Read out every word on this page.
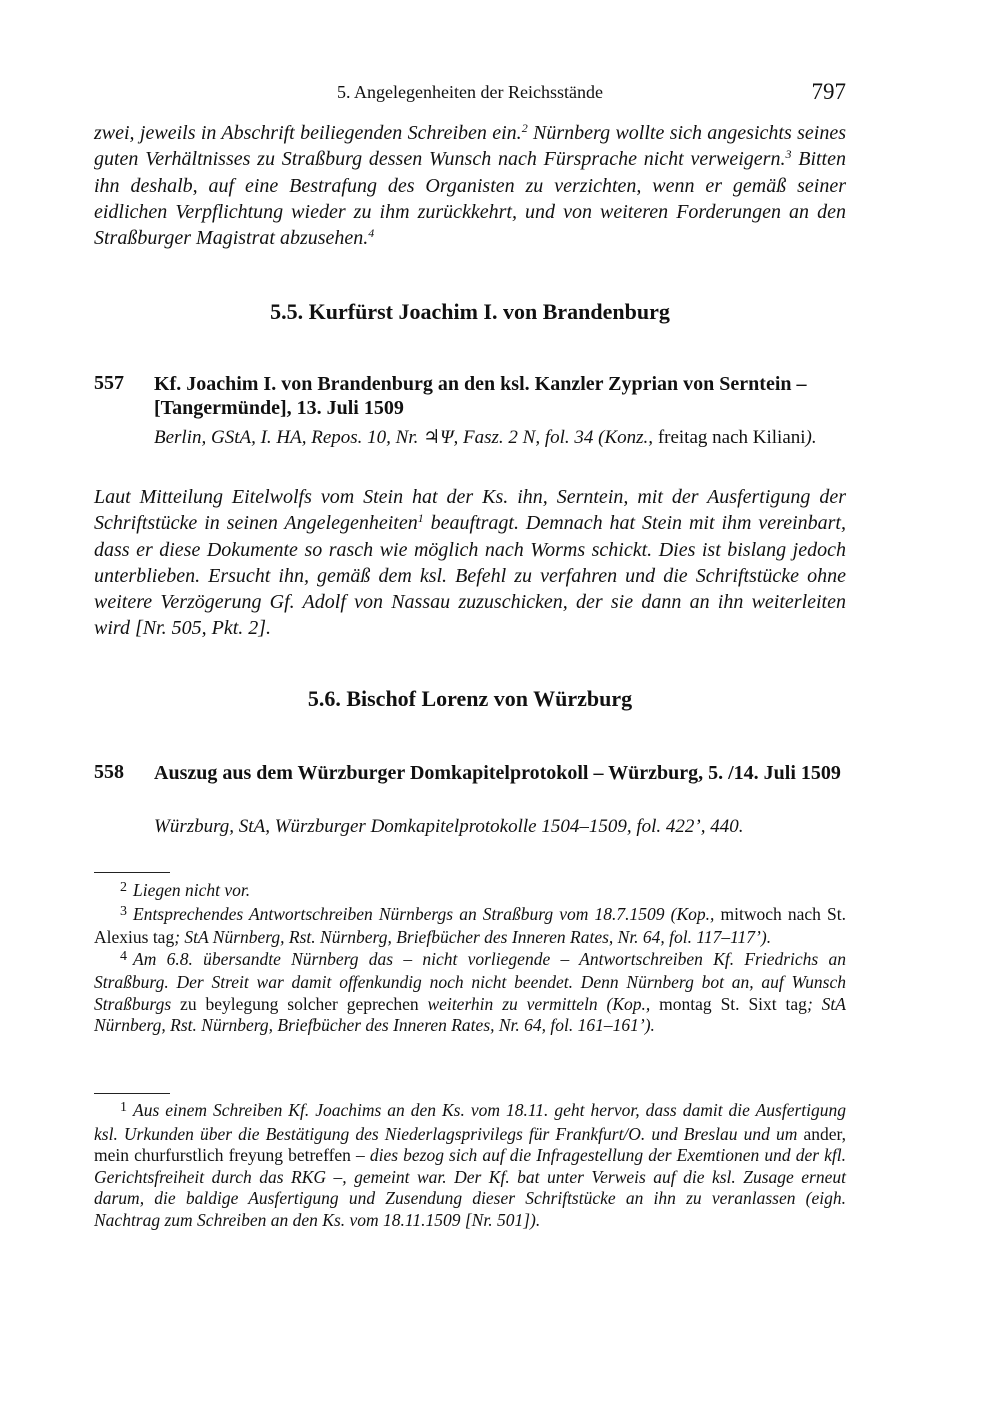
5. Angelegenheiten der Reichsstände	797
zwei, jeweils in Abschrift beiliegenden Schreiben ein.$^2$ Nürnberg wollte sich angesichts seines guten Verhältnisses zu Straßburg dessen Wunsch nach Fürsprache nicht verweigern.$^3$ Bitten ihn deshalb, auf eine Bestrafung des Organisten zu verzichten, wenn er gemäß seiner eidlichen Verpflichtung wieder zu ihm zurückkehrt, und von weiteren Forderungen an den Straßburger Magistrat abzusehen.$^4$
5.5. Kurfürst Joachim I. von Brandenburg
557 Kf. Joachim I. von Brandenburg an den ksl. Kanzler Zyprian von Serntein – [Tangermünde], 13. Juli 1509
Berlin, GStA, I. HA, Repos. 10, Nr. ♃Ψ, Fasz. 2 N, fol. 34 (Konz., freitag nach Kiliani).
Laut Mitteilung Eitelwolfs vom Stein hat der Ks. ihn, Serntein, mit der Ausfertigung der Schriftstücke in seinen Angelegenheiten$^1$ beauftragt. Demnach hat Stein mit ihm vereinbart, dass er diese Dokumente so rasch wie möglich nach Worms schickt. Dies ist bislang jedoch unterblieben. Ersucht ihn, gemäß dem ksl. Befehl zu verfahren und die Schriftstücke ohne weitere Verzögerung Gf. Adolf von Nassau zuzuschicken, der sie dann an ihn weiterleiten wird [Nr. 505, Pkt. 2].
5.6. Bischof Lorenz von Würzburg
558 Auszug aus dem Würzburger Domkapitelprotokoll – Würzburg, 5. /14. Juli 1509
Würzburg, StA, Würzburger Domkapitelprotokolle 1504–1509, fol. 422’, 440.
$^2$ Liegen nicht vor.
$^3$ Entsprechendes Antwortschreiben Nürnbergs an Straßburg vom 18.7.1509 (Kop., mitwoch nach St. Alexius tag; StA Nürnberg, Rst. Nürnberg, Briefbücher des Inneren Rates, Nr. 64, fol. 117–117’).
$^4$ Am 6.8. übersandte Nürnberg das – nicht vorliegende – Antwortschreiben Kf. Friedrichs an Straßburg. Der Streit war damit offenkundig noch nicht beendet. Denn Nürnberg bot an, auf Wunsch Straßburgs zu beylegung solcher geprechen weiterhin zu vermitteln (Kop., montag St. Sixt tag; StA Nürnberg, Rst. Nürnberg, Briefbücher des Inneren Rates, Nr. 64, fol. 161–161’).
$^1$ Aus einem Schreiben Kf. Joachims an den Ks. vom 18.11. geht hervor, dass damit die Ausfertigung ksl. Urkunden über die Bestätigung des Niederlagsprivilegs für Frankfurt/O. und Breslau und um ander, mein churfurstlich freyung betreffen – dies bezog sich auf die Infragestellung der Exemtionen und der kfl. Gerichtsfreiheit durch das RKG –, gemeint war. Der Kf. bat unter Verweis auf die ksl. Zusage erneut darum, die baldige Ausfertigung und Zusendung dieser Schriftstücke an ihn zu veranlassen (eigh. Nachtrag zum Schreiben an den Ks. vom 18.11.1509 [Nr. 501]).
